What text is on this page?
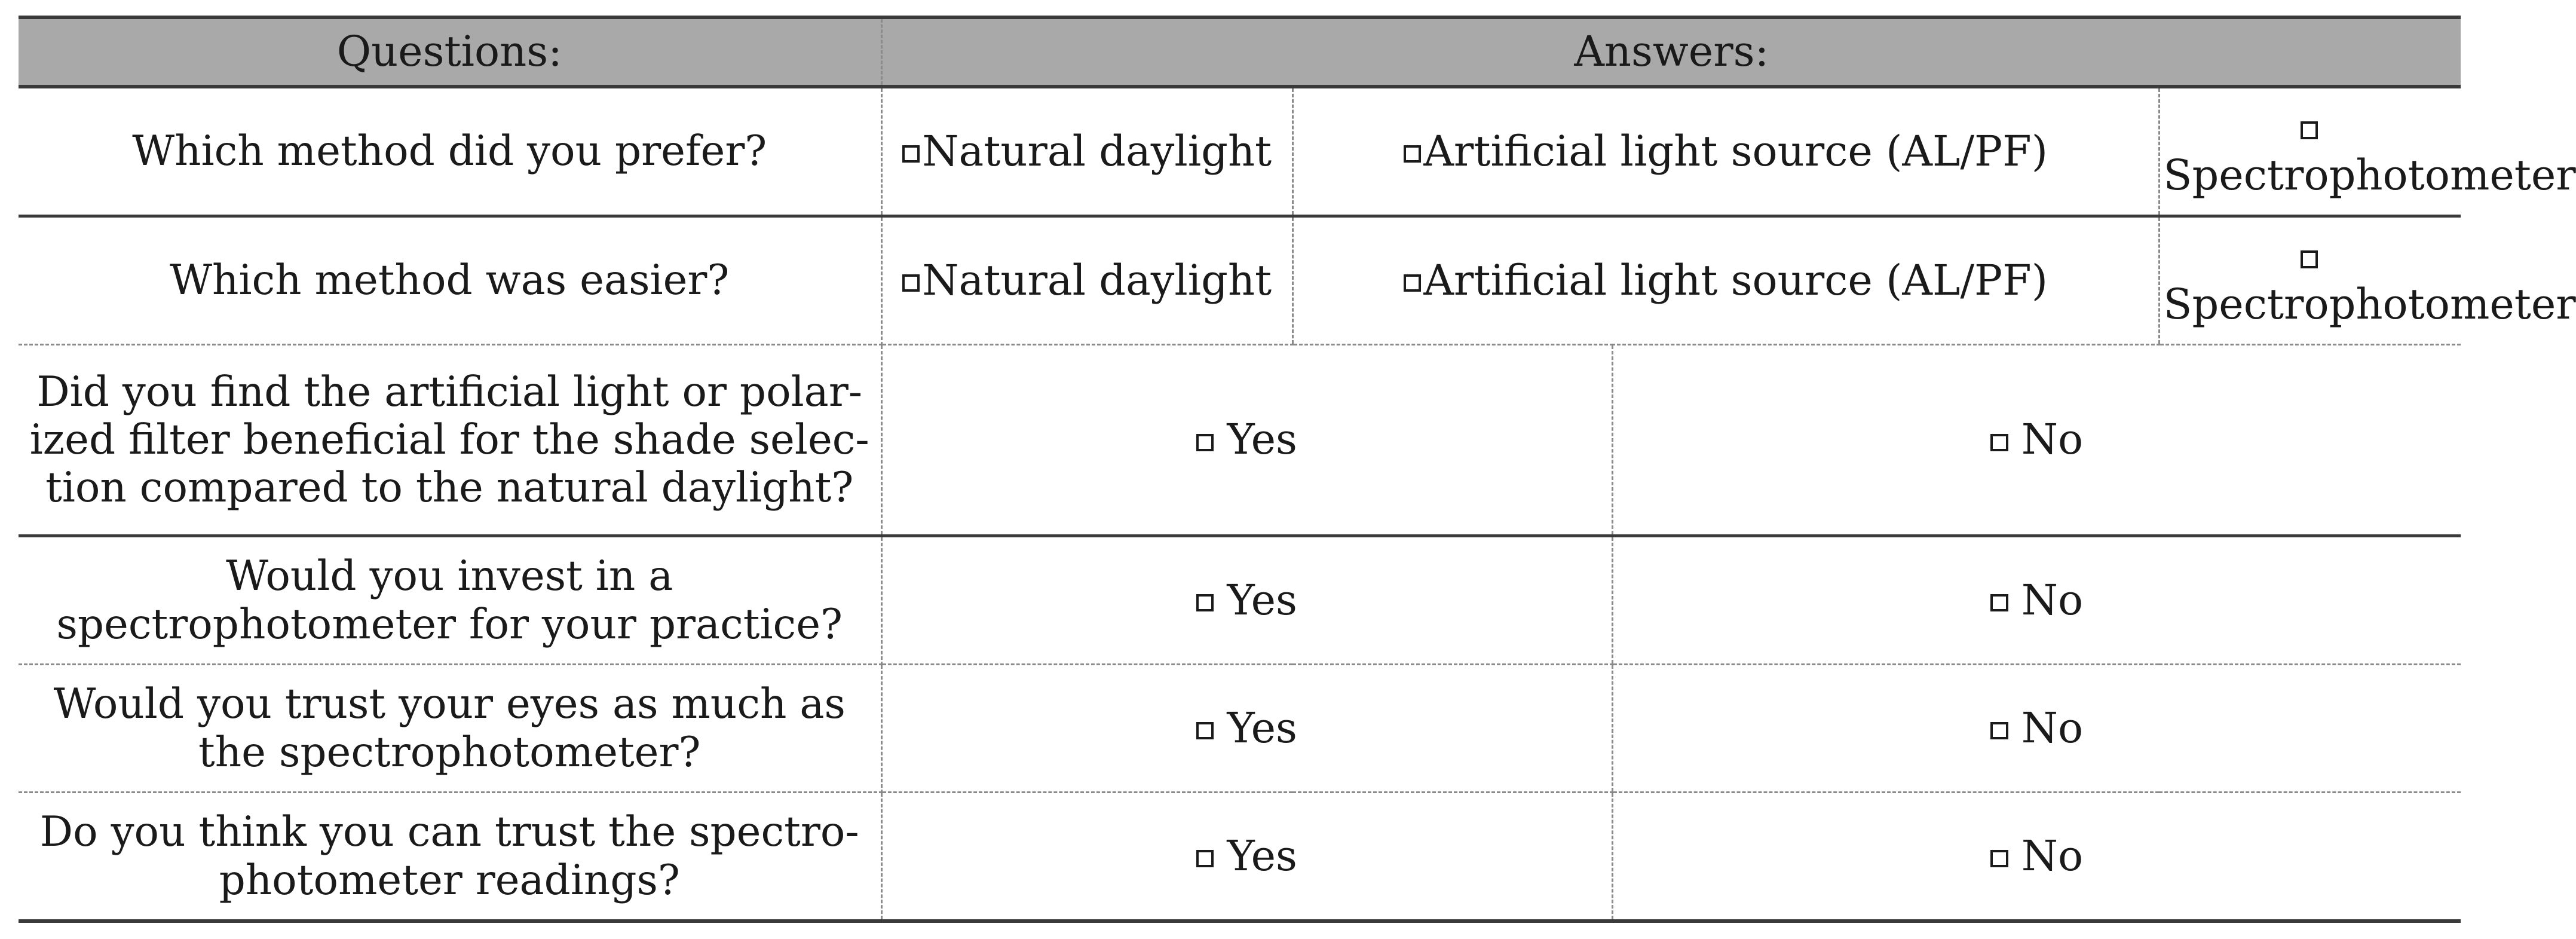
Questions:	Answers:			

Which method did you prefer?	Natural daylight	Artificial light source (AL/PF)		Spectrophotometer

Which method was easier?	Natural daylight	Artificial light source (AL/PF)		Spectrophotometer

Did you find the artificial light or polar-ized filter beneficial for the shade selec-tion compared to the natural daylight?	Yes		No	

Would you invest in a spectrophotometer for your practice?	Yes		No	

Would you trust your eyes as much as the spectrophotometer?	Yes		No	

Do you think you can trust the spectro-photometer readings?	Yes		No	
